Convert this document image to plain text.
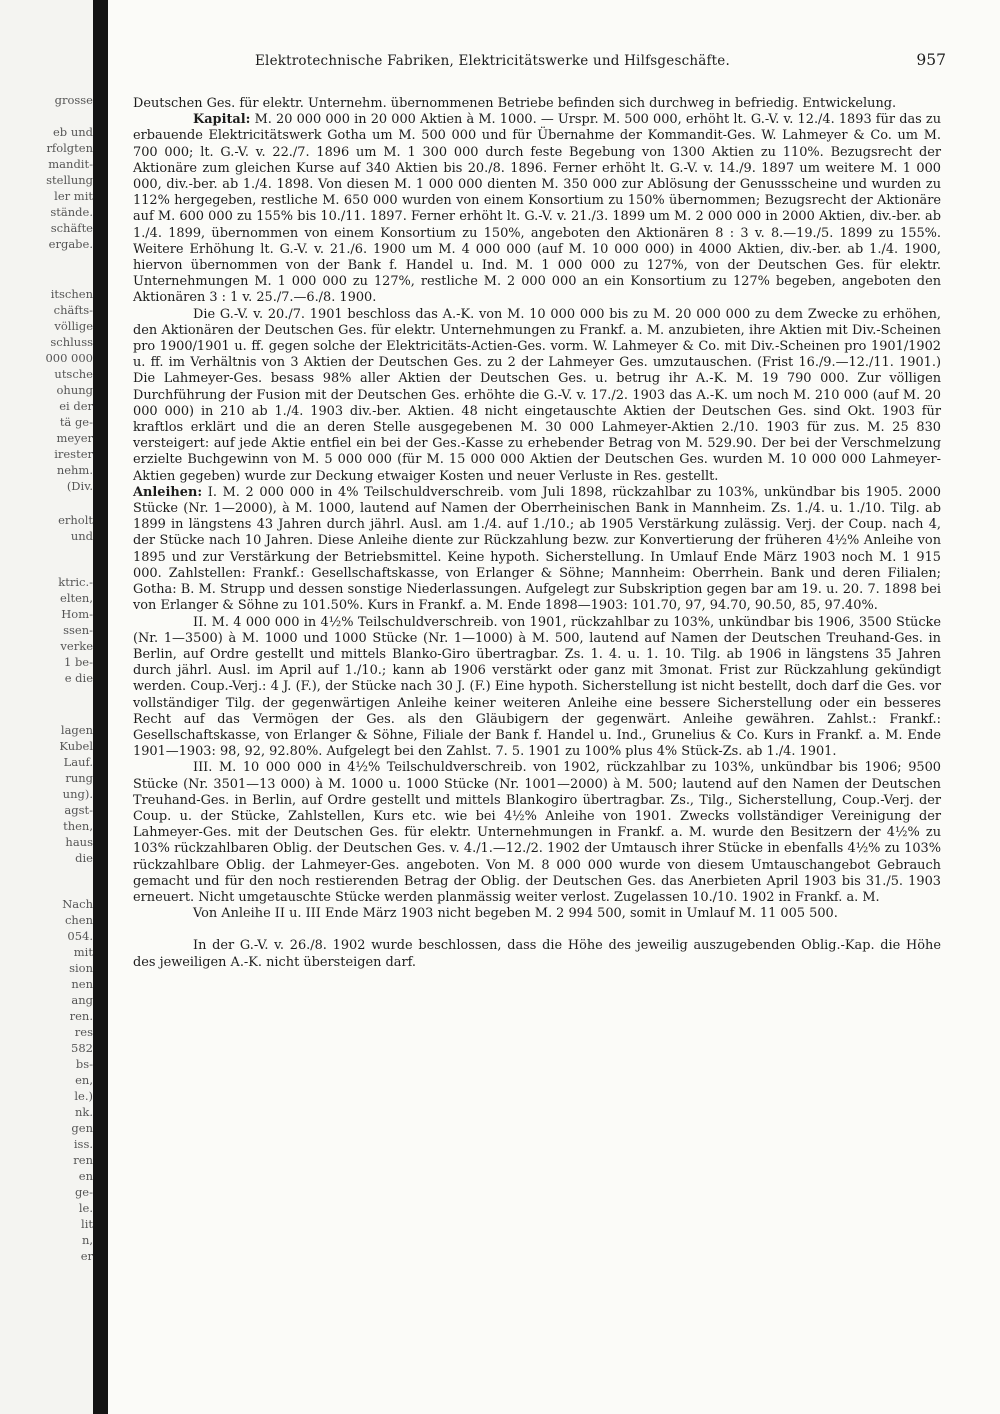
grosse
eb und
rfolgten
mandit-
stellung
ler mit
stände.
schäfte
ergabe.
itschen
chäfts-
völlige
schluss
000 000
utsche
ohung
ei der
tä ge-
meyer
irester
nehm.
(Div.
erholt
und
ktric.-
elten,
Hom-
ssen-
verke
1 be-
e die
lagen
Kubel
Lauf.
rung
ung).
agst-
then,
haus
die
Nach
chen
054.
mit
sion
nen
ang
ren.
res
582
bs-
en,
le.)
nk.
gen
iss.
ren
en
ge-
le.
lit
n,
er
Elektrotechnische Fabriken, Elektricitätswerke und Hilfsgeschäfte.	957

Deutschen Ges. für elektr. Unternehm. übernommenen Betriebe befinden sich durchweg in befriedig. Entwickelung.

Kapital: M. 20 000 000 in 20 000 Aktien à M. 1000. — Urspr. M. 500 000, erhöht lt. G.-V. v. 12./4. 1893 für das zu erbauende Elektricitätswerk Gotha um M. 500 000 und für Übernahme der Kommandit-Ges. W. Lahmeyer & Co. um M. 700 000; lt. G.-V. v. 22./7. 1896 um M. 1 300 000 durch feste Begebung von 1300 Aktien zu 110%. Bezugsrecht der Aktionäre zum gleichen Kurse auf 340 Aktien bis 20./8. 1896. Ferner erhöht lt. G.-V. v. 14./9. 1897 um weitere M. 1 000 000, div.-ber. ab 1./4. 1898. Von diesen M. 1 000 000 dienten M. 350 000 zur Ablösung der Genussscheine und wurden zu 112% hergegeben, restliche M. 650 000 wurden von einem Konsortium zu 150% übernommen; Bezugsrecht der Aktionäre auf M. 600 000 zu 155% bis 10./11. 1897. Ferner erhöht lt. G.-V. v. 21./3. 1899 um M. 2 000 000 in 2000 Aktien, div.-ber. ab 1./4. 1899, übernommen von einem Konsortium zu 150%, angeboten den Aktionären 8 : 3 v. 8.—19./5. 1899 zu 155%. Weitere Erhöhung lt. G.-V. v. 21./6. 1900 um M. 4 000 000 (auf M. 10 000 000) in 4000 Aktien, div.-ber. ab 1./4. 1900, hiervon übernommen von der Bank f. Handel u. Ind. M. 1 000 000 zu 127%, von der Deutschen Ges. für elektr. Unternehmungen M. 1 000 000 zu 127%, restliche M. 2 000 000 an ein Konsortium zu 127% begeben, angeboten den Aktionären 3 : 1 v. 25./7.—6./8. 1900.

Die G.-V. v. 20./7. 1901 beschloss das A.-K. von M. 10 000 000 bis zu M. 20 000 000 zu dem Zwecke zu erhöhen, den Aktionären der Deutschen Ges. für elektr. Unternehmungen zu Frankf. a. M. anzubieten, ihre Aktien mit Div.-Scheinen pro 1900/1901 u. ff. gegen solche der Elektricitäts-Actien-Ges. vorm. W. Lahmeyer & Co. mit Div.-Scheinen pro 1901/1902 u. ff. im Verhältnis von 3 Aktien der Deutschen Ges. zu 2 der Lahmeyer Ges. umzutauschen. (Frist 16./9.—12./11. 1901.) Die Lahmeyer-Ges. besass 98% aller Aktien der Deutschen Ges. u. betrug ihr A.-K. M. 19 790 000. Zur völligen Durchführung der Fusion mit der Deutschen Ges. erhöhte die G.-V. v. 17./2. 1903 das A.-K. um noch M. 210 000 (auf M. 20 000 000) in 210 ab 1./4. 1903 div.-ber. Aktien. 48 nicht eingetauschte Aktien der Deutschen Ges. sind Okt. 1903 für kraftlos erklärt und die an deren Stelle ausgegebenen M. 30 000 Lahmeyer-Aktien 2./10. 1903 für zus. M. 25 830 versteigert: auf jede Aktie entfiel ein bei der Ges.-Kasse zu erhebender Betrag von M. 529.90. Der bei der Verschmelzung erzielte Buchgewinn von M. 5 000 000 (für M. 15 000 000 Aktien der Deutschen Ges. wurden M. 10 000 000 Lahmeyer-Aktien gegeben) wurde zur Deckung etwaiger Kosten und neuer Verluste in Res. gestellt.

Anleihen: I. M. 2 000 000 in 4% Teilschuldverschreib. vom Juli 1898, rückzahlbar zu 103%, unkündbar bis 1905. 2000 Stücke (Nr. 1—2000), à M. 1000, lautend auf Namen der Oberrheinischen Bank in Mannheim. Zs. 1./4. u. 1./10. Tilg. ab 1899 in längstens 43 Jahren durch jährl. Ausl. am 1./4. auf 1./10.; ab 1905 Verstärkung zulässig. Verj. der Coup. nach 4, der Stücke nach 10 Jahren. Diese Anleihe diente zur Rückzahlung bezw. zur Konvertierung der früheren 4½% Anleihe von 1895 und zur Verstärkung der Betriebsmittel. Keine hypoth. Sicherstellung. In Umlauf Ende März 1903 noch M. 1 915 000. Zahlstellen: Frankf.: Gesellschaftskasse, von Erlanger & Söhne; Mannheim: Oberrhein. Bank und deren Filialen; Gotha: B. M. Strupp und dessen sonstige Niederlassungen. Aufgelegt zur Subskription gegen bar am 19. u. 20. 7. 1898 bei von Erlanger & Söhne zu 101.50%. Kurs in Frankf. a. M. Ende 1898—1903: 101.70, 97, 94.70, 90.50, 85, 97.40%.

II. M. 4 000 000 in 4½% Teilschuldverschreib. von 1901, rückzahlbar zu 103%, unkündbar bis 1906, 3500 Stücke (Nr. 1—3500) à M. 1000 und 1000 Stücke (Nr. 1—1000) à M. 500, lautend auf Namen der Deutschen Treuhand-Ges. in Berlin, auf Ordre gestellt und mittels Blanko-Giro übertragbar. Zs. 1. 4. u. 1. 10. Tilg. ab 1906 in längstens 35 Jahren durch jährl. Ausl. im April auf 1./10.; kann ab 1906 verstärkt oder ganz mit 3monat. Frist zur Rückzahlung gekündigt werden. Coup.-Verj.: 4 J. (F.), der Stücke nach 30 J. (F.) Eine hypoth. Sicherstellung ist nicht bestellt, doch darf die Ges. vor vollständiger Tilg. der gegenwärtigen Anleihe keiner weiteren Anleihe eine bessere Sicherstellung oder ein besseres Recht auf das Vermögen der Ges. als den Gläubigern der gegenwärt. Anleihe gewähren. Zahlst.: Frankf.: Gesellschaftskasse, von Erlanger & Söhne, Filiale der Bank f. Handel u. Ind., Grunelius & Co. Kurs in Frankf. a. M. Ende 1901—1903: 98, 92, 92.80%. Aufgelegt bei den Zahlst. 7. 5. 1901 zu 100% plus 4% Stück-Zs. ab 1./4. 1901.

III. M. 10 000 000 in 4½% Teilschuldverschreib. von 1902, rückzahlbar zu 103%, unkündbar bis 1906; 9500 Stücke (Nr. 3501—13 000) à M. 1000 u. 1000 Stücke (Nr. 1001—2000) à M. 500; lautend auf den Namen der Deutschen Treuhand-Ges. in Berlin, auf Ordre gestellt und mittels Blankogiro übertragbar. Zs., Tilg., Sicherstellung, Coup.-Verj. der Coup. u. der Stücke, Zahlstellen, Kurs etc. wie bei 4½% Anleihe von 1901. Zwecks vollständiger Vereinigung der Lahmeyer-Ges. mit der Deutschen Ges. für elektr. Unternehmungen in Frankf. a. M. wurde den Besitzern der 4½% zu 103% rückzahlbaren Oblig. der Deutschen Ges. v. 4./1.—12./2. 1902 der Umtausch ihrer Stücke in ebenfalls 4½% zu 103% rückzahlbare Oblig. der Lahmeyer-Ges. angeboten. Von M. 8 000 000 wurde von diesem Umtauschangebot Gebrauch gemacht und für den noch restierenden Betrag der Oblig. der Deutschen Ges. das Anerbieten April 1903 bis 31./5. 1903 erneuert. Nicht umgetauschte Stücke werden planmässig weiter verlost. Zugelassen 10./10. 1902 in Frankf. a. M.

Von Anleihe II u. III Ende März 1903 nicht begeben M. 2 994 500, somit in Umlauf M. 11 005 500.

In der G.-V. v. 26./8. 1902 wurde beschlossen, dass die Höhe des jeweilig auszugebenden Oblig.-Kap. die Höhe des jeweiligen A.-K. nicht übersteigen darf.
